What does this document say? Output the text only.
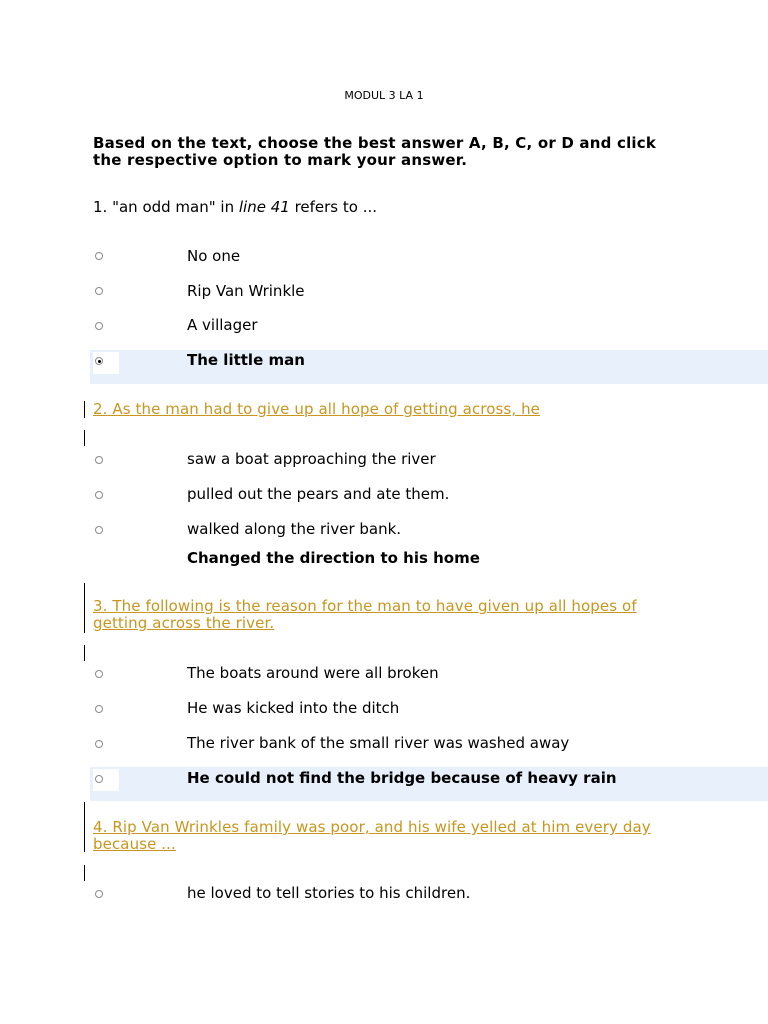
MODUL 3 LA 1
Based on the text, choose the best answer A, B, C, or D and click
the respective option to mark your answer.
1. "an odd man" in line 41 refers to ...
No one
Rip Van Wrinkle
A villager
The little man
2. As the man had to give up all hope of getting across, he
saw a boat approaching the river
pulled out the pears and ate them.
walked along the river bank.
Changed the direction to his home
3. The following is the reason for the man to have given up all hopes of
getting across the river.
The boats around were all broken
He was kicked into the ditch
The river bank of the small river was washed away
He could not find the bridge because of heavy rain
4. Rip Van Wrinkles family was poor, and his wife yelled at him every day
because ...
he loved to tell stories to his children.
